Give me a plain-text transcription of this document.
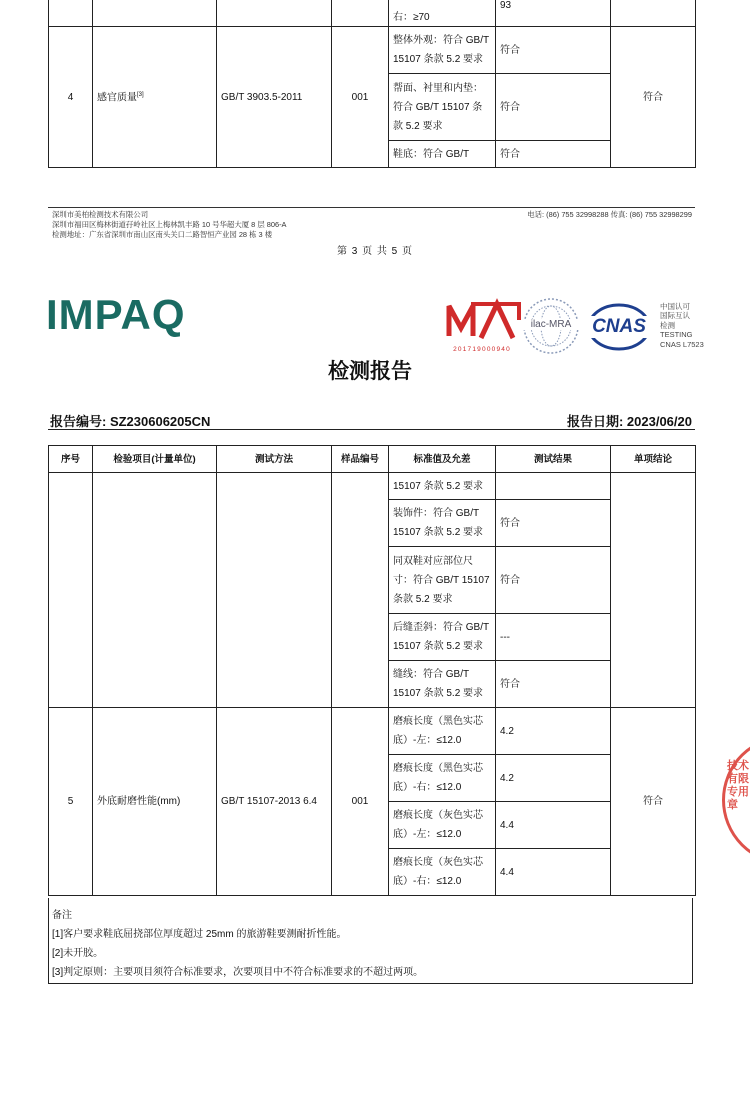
				右：≥70	93	
4	感官质量[3]	GB/T 3903.5-2011	001	整体外观：符合 GB/T 15107 条款 5.2 要求	符合	符合
				帮面、衬里和内垫：符合 GB/T 15107 条款 5.2 要求	符合	
				鞋底：符合 GB/T	符合	
深圳市美柏检测技术有限公司
深圳市福田区梅林街道孖岭社区上梅林凯丰路 10 号华超大厦 8 层 806-A
检测地址：广东省深圳市南山区南头关口二路智恒产业园 28 栋 3 楼
电话: (86) 755 32998288 传真: (86) 755 32998299
第 3 页 共 5 页
IMPAQ
201719000940
ilac-MRA	CNAS
中国认可
国际互认
检测
TESTING
CNAS L7523
检测报告
报告编号: SZ230606205CN	报告日期: 2023/06/20
序号	检验项目(计量单位)	测试方法	样品编号	标准值及允差	测试结果	单项结论
				15107 条款 5.2 要求		
				装饰件：符合 GB/T 15107 条款 5.2 要求	符合	
				同双鞋对应部位尺寸：符合 GB/T 15107 条款 5.2 要求	符合	
				后缝歪斜：符合 GB/T 15107 条款 5.2 要求	---	
				缝线：符合 GB/T 15107 条款 5.2 要求	符合	
5	外底耐磨性能(mm)	GB/T 15107-2013 6.4	001	磨痕长度（黑色实芯底）-左：≤12.0	4.2	符合
				磨痕长度（黑色实芯底）-右：≤12.0	4.2	
				磨痕长度（灰色实芯底）-左：≤12.0	4.4	
				磨痕长度（灰色实芯底）-右：≤12.0	4.4	
备注
[1]客户要求鞋底屈挠部位厚度超过 25mm 的旅游鞋要测耐折性能。
[2]未开胶。
[3]判定原则：主要项目须符合标准要求，次要项目中不符合标准要求的不超过两项。
技术有限 专用章
